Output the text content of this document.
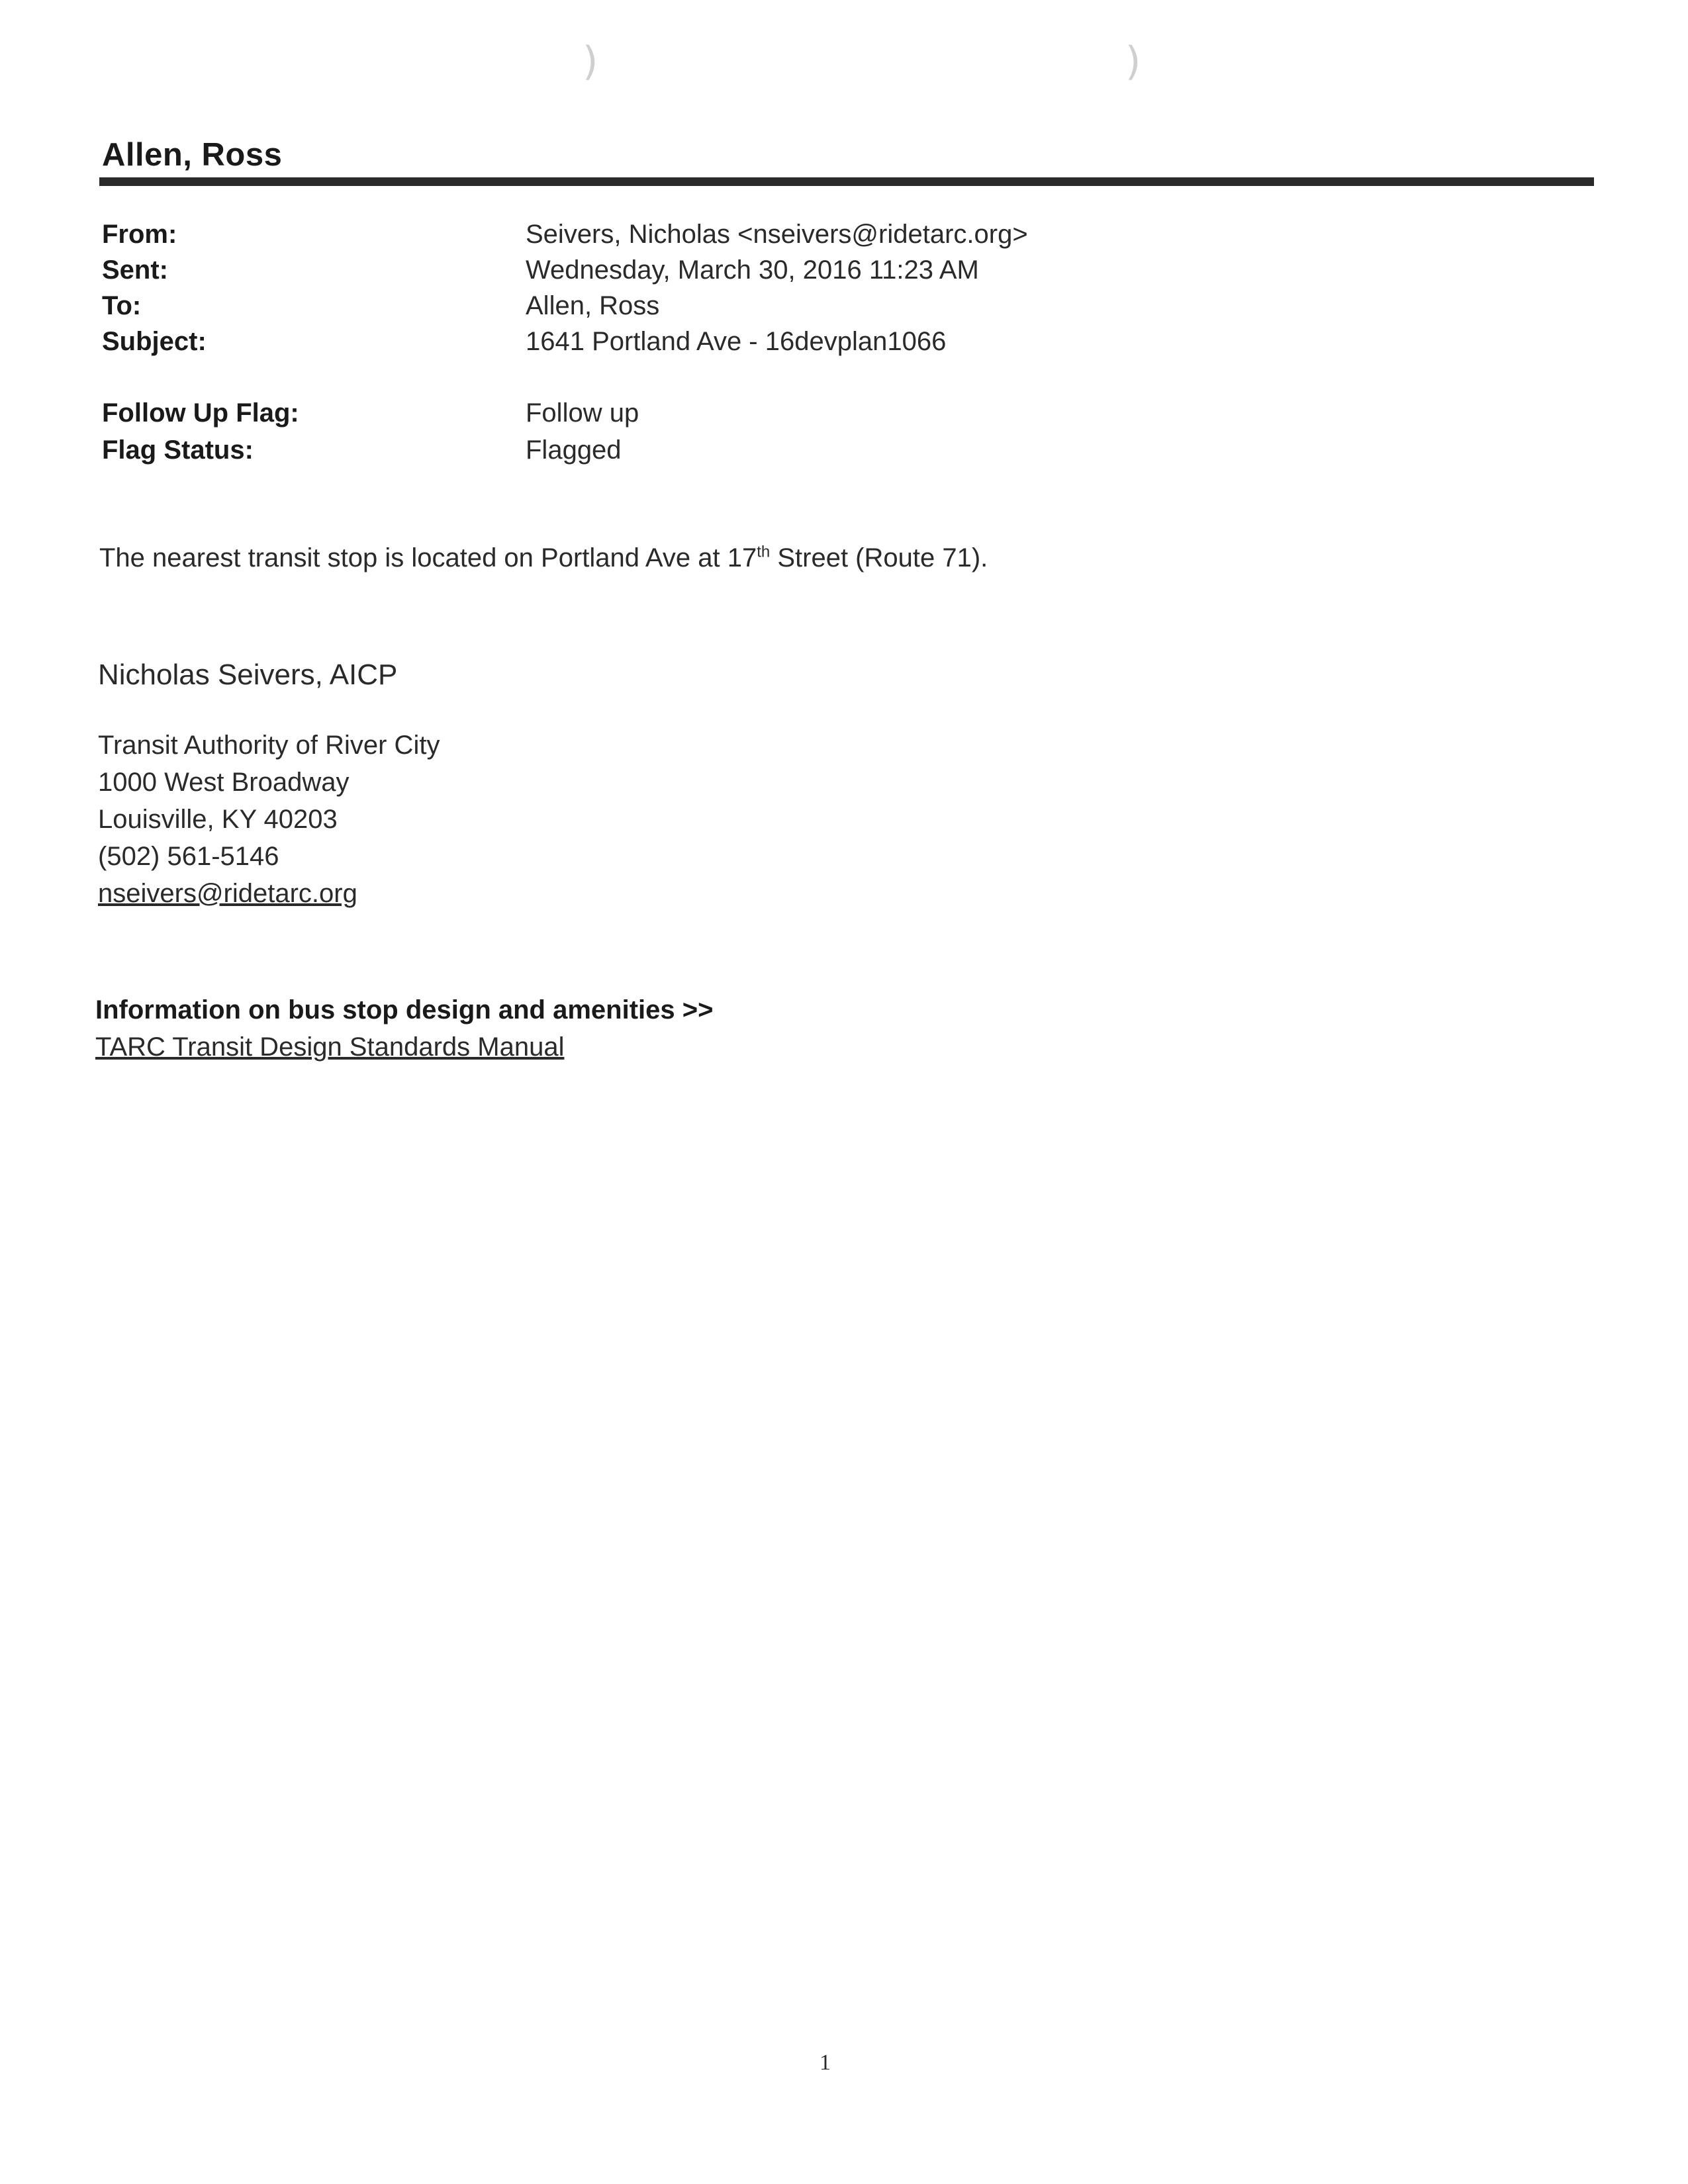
)	)
Allen, Ross
From:	Seivers, Nicholas <nseivers@ridetarc.org>
Sent:	Wednesday, March 30, 2016 11:23 AM
To:	Allen, Ross
Subject:	1641 Portland Ave - 16devplan1066
Follow Up Flag:	Follow up
Flag Status:	Flagged
The nearest transit stop is located on Portland Ave at 17th Street (Route 71).
Nicholas Seivers, AICP
Transit Authority of River City
1000 West Broadway
Louisville, KY 40203
(502) 561-5146
nseivers@ridetarc.org
Information on bus stop design and amenities >>
TARC Transit Design Standards Manual
1
